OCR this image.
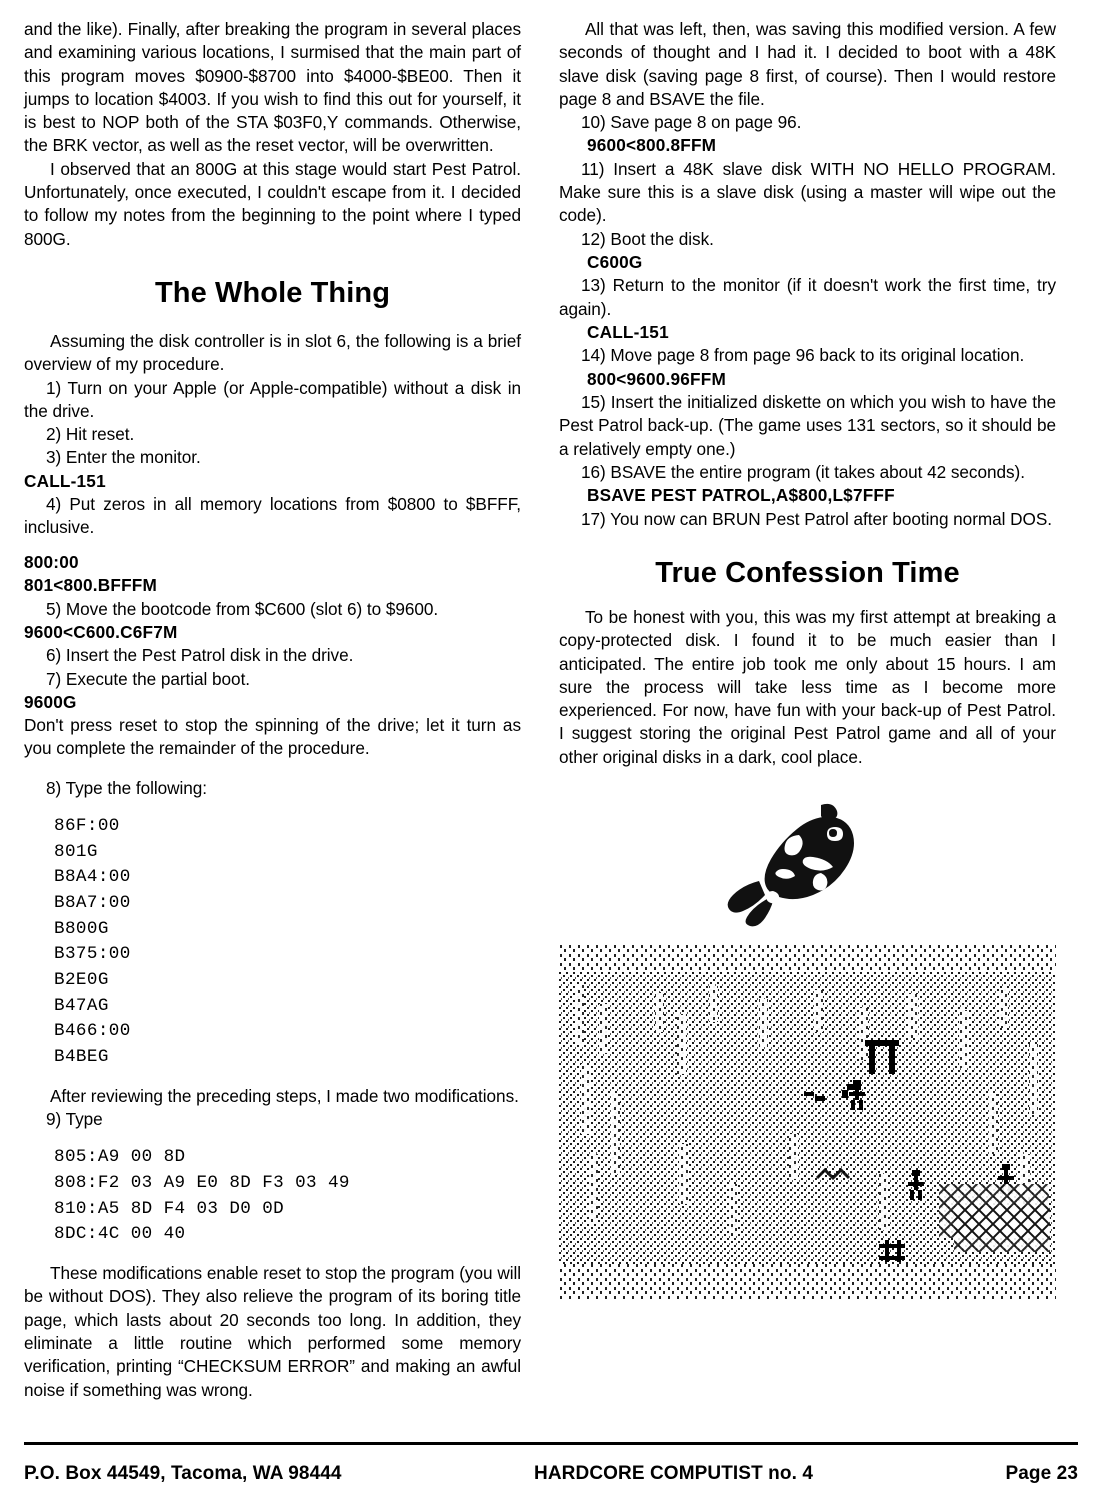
and the like). Finally, after breaking the program in several places and examining various locations, I surmised that the main part of this program moves $0900-$8700 into $4000-$BE00. Then it jumps to location $4003. If you wish to find this out for yourself, it is best to NOP both of the STA $03F0,Y commands. Otherwise, the BRK vector, as well as the reset vector, will be overwritten.

I observed that an 800G at this stage would start Pest Patrol. Unfortunately, once executed, I couldn't escape from it. I decided to follow my notes from the beginning to the point where I typed 800G.

The Whole Thing

Assuming the disk controller is in slot 6, the following is a brief overview of my procedure.

1) Turn on your Apple (or Apple-compatible) without a disk in the drive.

2) Hit reset.

3) Enter the monitor.

CALL-151

4) Put zeros in all memory locations from $0800 to $BFFF, inclusive.

800:00

801<800.BFFFM

5) Move the bootcode from $C600 (slot 6) to $9600.

9600<C600.C6F7M

6) Insert the Pest Patrol disk in the drive.

7) Execute the partial boot.

9600G

Don't press reset to stop the spinning of the drive; let it turn as you complete the remainder of the procedure.

8) Type the following:

86F:00
801G
B8A4:00
B8A7:00
B800G
B375:00
B2E0G
B47AG
B466:00
B4BEG

After reviewing the preceding steps, I made two modifications.

9) Type

805:A9 00 8D
808:F2 03 A9 E0 8D F3 03 49
810:A5 8D F4 03 D0 0D
8DC:4C 00 40

These modifications enable reset to stop the program (you will be without DOS). They also relieve the program of its boring title page, which lasts about 20 seconds too long. In addition, they eliminate a little routine which performed some memory verification, printing “CHECKSUM ERROR” and making an awful noise if something was wrong.

All that was left, then, was saving this modified version. A few seconds of thought and I had it. I decided to boot with a 48K slave disk (saving page 8 first, of course). Then I would restore page 8 and BSAVE the file.

10) Save page 8 on page 96.

9600<800.8FFM

11) Insert a 48K slave disk WITH NO HELLO PROGRAM. Make sure this is a slave disk (using a master will wipe out the code).

12) Boot the disk.

C600G

13) Return to the monitor (if it doesn't work the first time, try again).

CALL-151

14) Move page 8 from page 96 back to its original location.

800<9600.96FFM

15) Insert the initialized diskette on which you wish to have the Pest Patrol back-up. (The game uses 131 sectors, so it should be a relatively empty one.)

16) BSAVE the entire program (it takes about 42 seconds).

BSAVE PEST PATROL,A$800,L$7FFF

17) You now can BRUN Pest Patrol after booting normal DOS.

True Confession Time

To be honest with you, this was my first attempt at breaking a copy-protected disk. I found it to be much easier than I anticipated. The entire job took me only about 15 hours. I am sure the process will take less time as I become more experienced. For now, have fun with your back-up of Pest Patrol. I suggest storing the original Pest Patrol game and all of your other original disks in a dark, cool place.

P.O. Box 44549, Tacoma, WA 98444	HARDCORE COMPUTIST no. 4	Page 23
